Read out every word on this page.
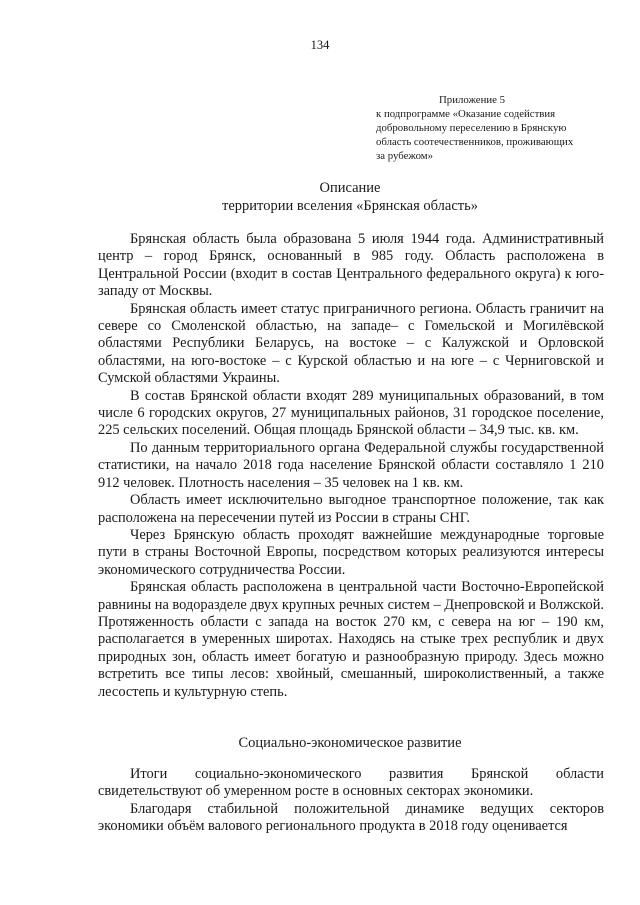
134
Приложение 5
к подпрограмме «Оказание содействия
добровольному переселению в Брянскую
область соотечественников, проживающих
за рубежом»
Описание
территории вселения «Брянская область»

Брянская область была образована 5 июля 1944 года. Административный центр – город Брянск, основанный в 985 году. Область расположена в Центральной России (входит в состав Центрального федерального округа) к юго-западу от Москвы.

Брянская область имеет статус приграничного региона. Область граничит на севере со Смоленской областью, на западе– с Гомельской и Могилёвской областями Республики Беларусь, на востоке – с Калужской и Орловской областями, на юго-востоке – с Курской областью и на юге – с Черниговской и Сумской областями Украины.

В состав Брянской области входят 289 муниципальных образований, в том числе 6 городских округов, 27 муниципальных районов, 31 городское поселение, 225 сельских поселений. Общая площадь Брянской области – 34,9 тыс. кв. км.

По данным территориального органа Федеральной службы государственной статистики, на начало 2018 года население Брянской области составляло 1 210 912 человек. Плотность населения – 35 человек на 1 кв. км.

Область имеет исключительно выгодное транспортное положение, так как расположена на пересечении путей из России в страны СНГ.

Через Брянскую область проходят важнейшие международные торговые пути в страны Восточной Европы, посредством которых реализуются интересы экономического сотрудничества России.

Брянская область расположена в центральной части Восточно-Европейской равнины на водоразделе двух крупных речных систем – Днепровской и Волжской. Протяженность области с запада на восток 270 км, с севера на юг – 190 км, располагается в умеренных широтах. Находясь на стыке трех республик и двух природных зон, область имеет богатую и разнообразную природу. Здесь можно встретить все типы лесов: хвойный, смешанный, широколиственный, а также лесостепь и культурную степь.

Социально-экономическое развитие

Итоги социально-экономического развития Брянской области свидетельствуют об умеренном росте в основных секторах экономики.

Благодаря стабильной положительной динамике ведущих секторов экономики объём валового регионального продукта в 2018 году оценивается
